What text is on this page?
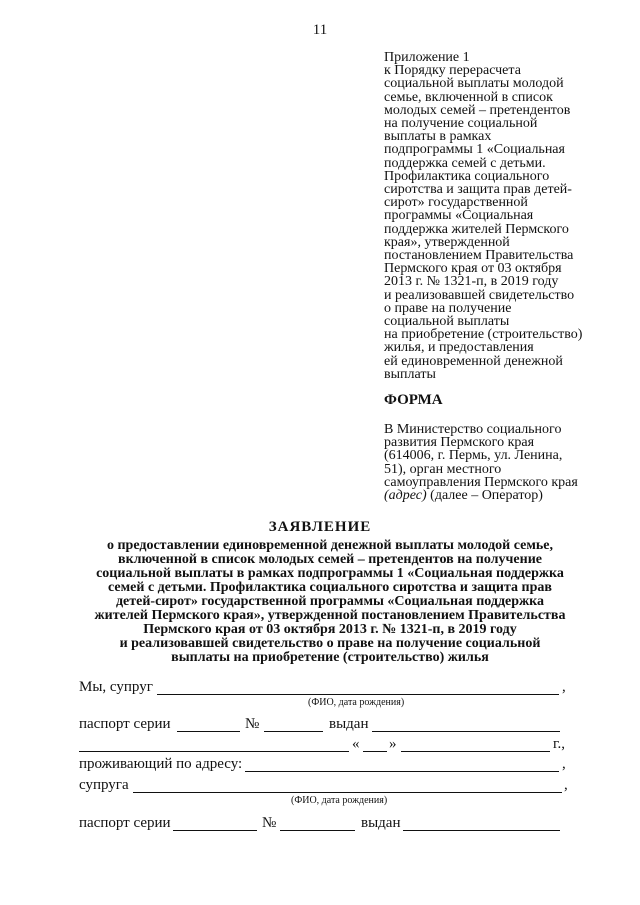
11
Приложение 1
к Порядку перерасчета
социальной выплаты молодой
семье, включенной в список
молодых семей – претендентов
на получение социальной
выплаты в рамках
подпрограммы 1 «Социальная
поддержка семей с детьми.
Профилактика социального
сиротства и защита прав детей-
сирот» государственной
программы «Социальная
поддержка жителей Пермского
края», утвержденной
постановлением Правительства
Пермского края от 03 октября
2013 г. № 1321-п, в 2019 году
и реализовавшей свидетельство
о праве на получение
социальной выплаты
на приобретение (строительство)
жилья, и предоставления
ей единовременной денежной
выплаты
ФОРМА
В Министерство социального
развития Пермского края
(614006, г. Пермь, ул. Ленина,
51), орган местного
самоуправления Пермского края
(адрес) (далее – Оператор)
ЗАЯВЛЕНИЕ
о предоставлении единовременной денежной выплаты молодой семье,
включенной в список молодых семей – претендентов на получение
социальной выплаты в рамках подпрограммы 1 «Социальная поддержка
семей с детьми. Профилактика социального сиротства и защита прав
детей-сирот» государственной программы «Социальная поддержка
жителей Пермского края», утвержденной постановлением Правительства
Пермского края от 03 октября 2013 г. № 1321-п, в 2019 году
и реализовавшей свидетельство о праве на получение социальной
выплаты на приобретение (строительство) жилья
Мы, супруг	,
(ФИО, дата рождения)
паспорт серии	№	выдан
« »	г.,
проживающий по адресу:	,
супруга	,
(ФИО, дата рождения)
паспорт серии	№	выдан
